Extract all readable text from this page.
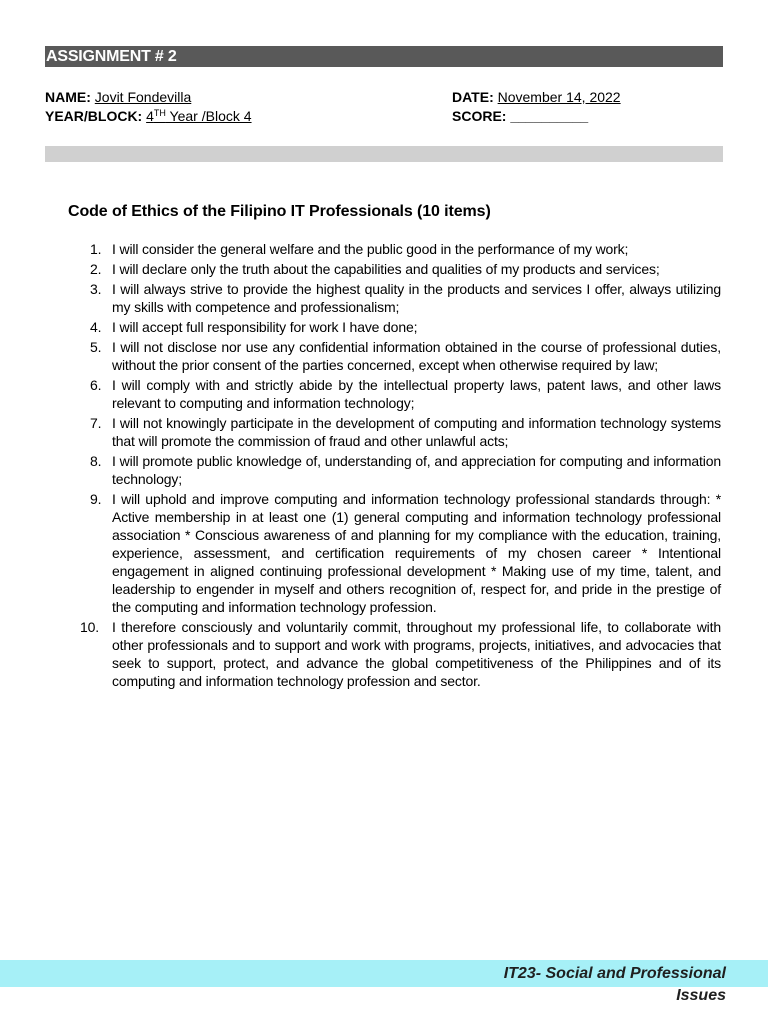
ASSIGNMENT # 2
NAME: Jovit Fondevilla
YEAR/BLOCK: 4TH Year /Block 4
DATE: November 14, 2022
SCORE: __________
Code of Ethics of the Filipino IT Professionals (10 items)
1. I will consider the general welfare and the public good in the performance of my work;
2. I will declare only the truth about the capabilities and qualities of my products and services;
3. I will always strive to provide the highest quality in the products and services I offer, always utilizing my skills with competence and professionalism;
4. I will accept full responsibility for work I have done;
5. I will not disclose nor use any confidential information obtained in the course of professional duties, without the prior consent of the parties concerned, except when otherwise required by law;
6. I will comply with and strictly abide by the intellectual property laws, patent laws, and other laws relevant to computing and information technology;
7. I will not knowingly participate in the development of computing and information technology systems that will promote the commission of fraud and other unlawful acts;
8. I will promote public knowledge of, understanding of, and appreciation for computing and information technology;
9. I will uphold and improve computing and information technology professional standards through: * Active membership in at least one (1) general computing and information technology professional association * Conscious awareness of and planning for my compliance with the education, training, experience, assessment, and certification requirements of my chosen career * Intentional engagement in aligned continuing professional development * Making use of my time, talent, and leadership to engender in myself and others recognition of, respect for, and pride in the prestige of the computing and information technology profession.
10. I therefore consciously and voluntarily commit, throughout my professional life, to collaborate with other professionals and to support and work with programs, projects, initiatives, and advocacies that seek to support, protect, and advance the global competitiveness of the Philippines and of its computing and information technology profession and sector.
IT23- Social and Professional
Issues
